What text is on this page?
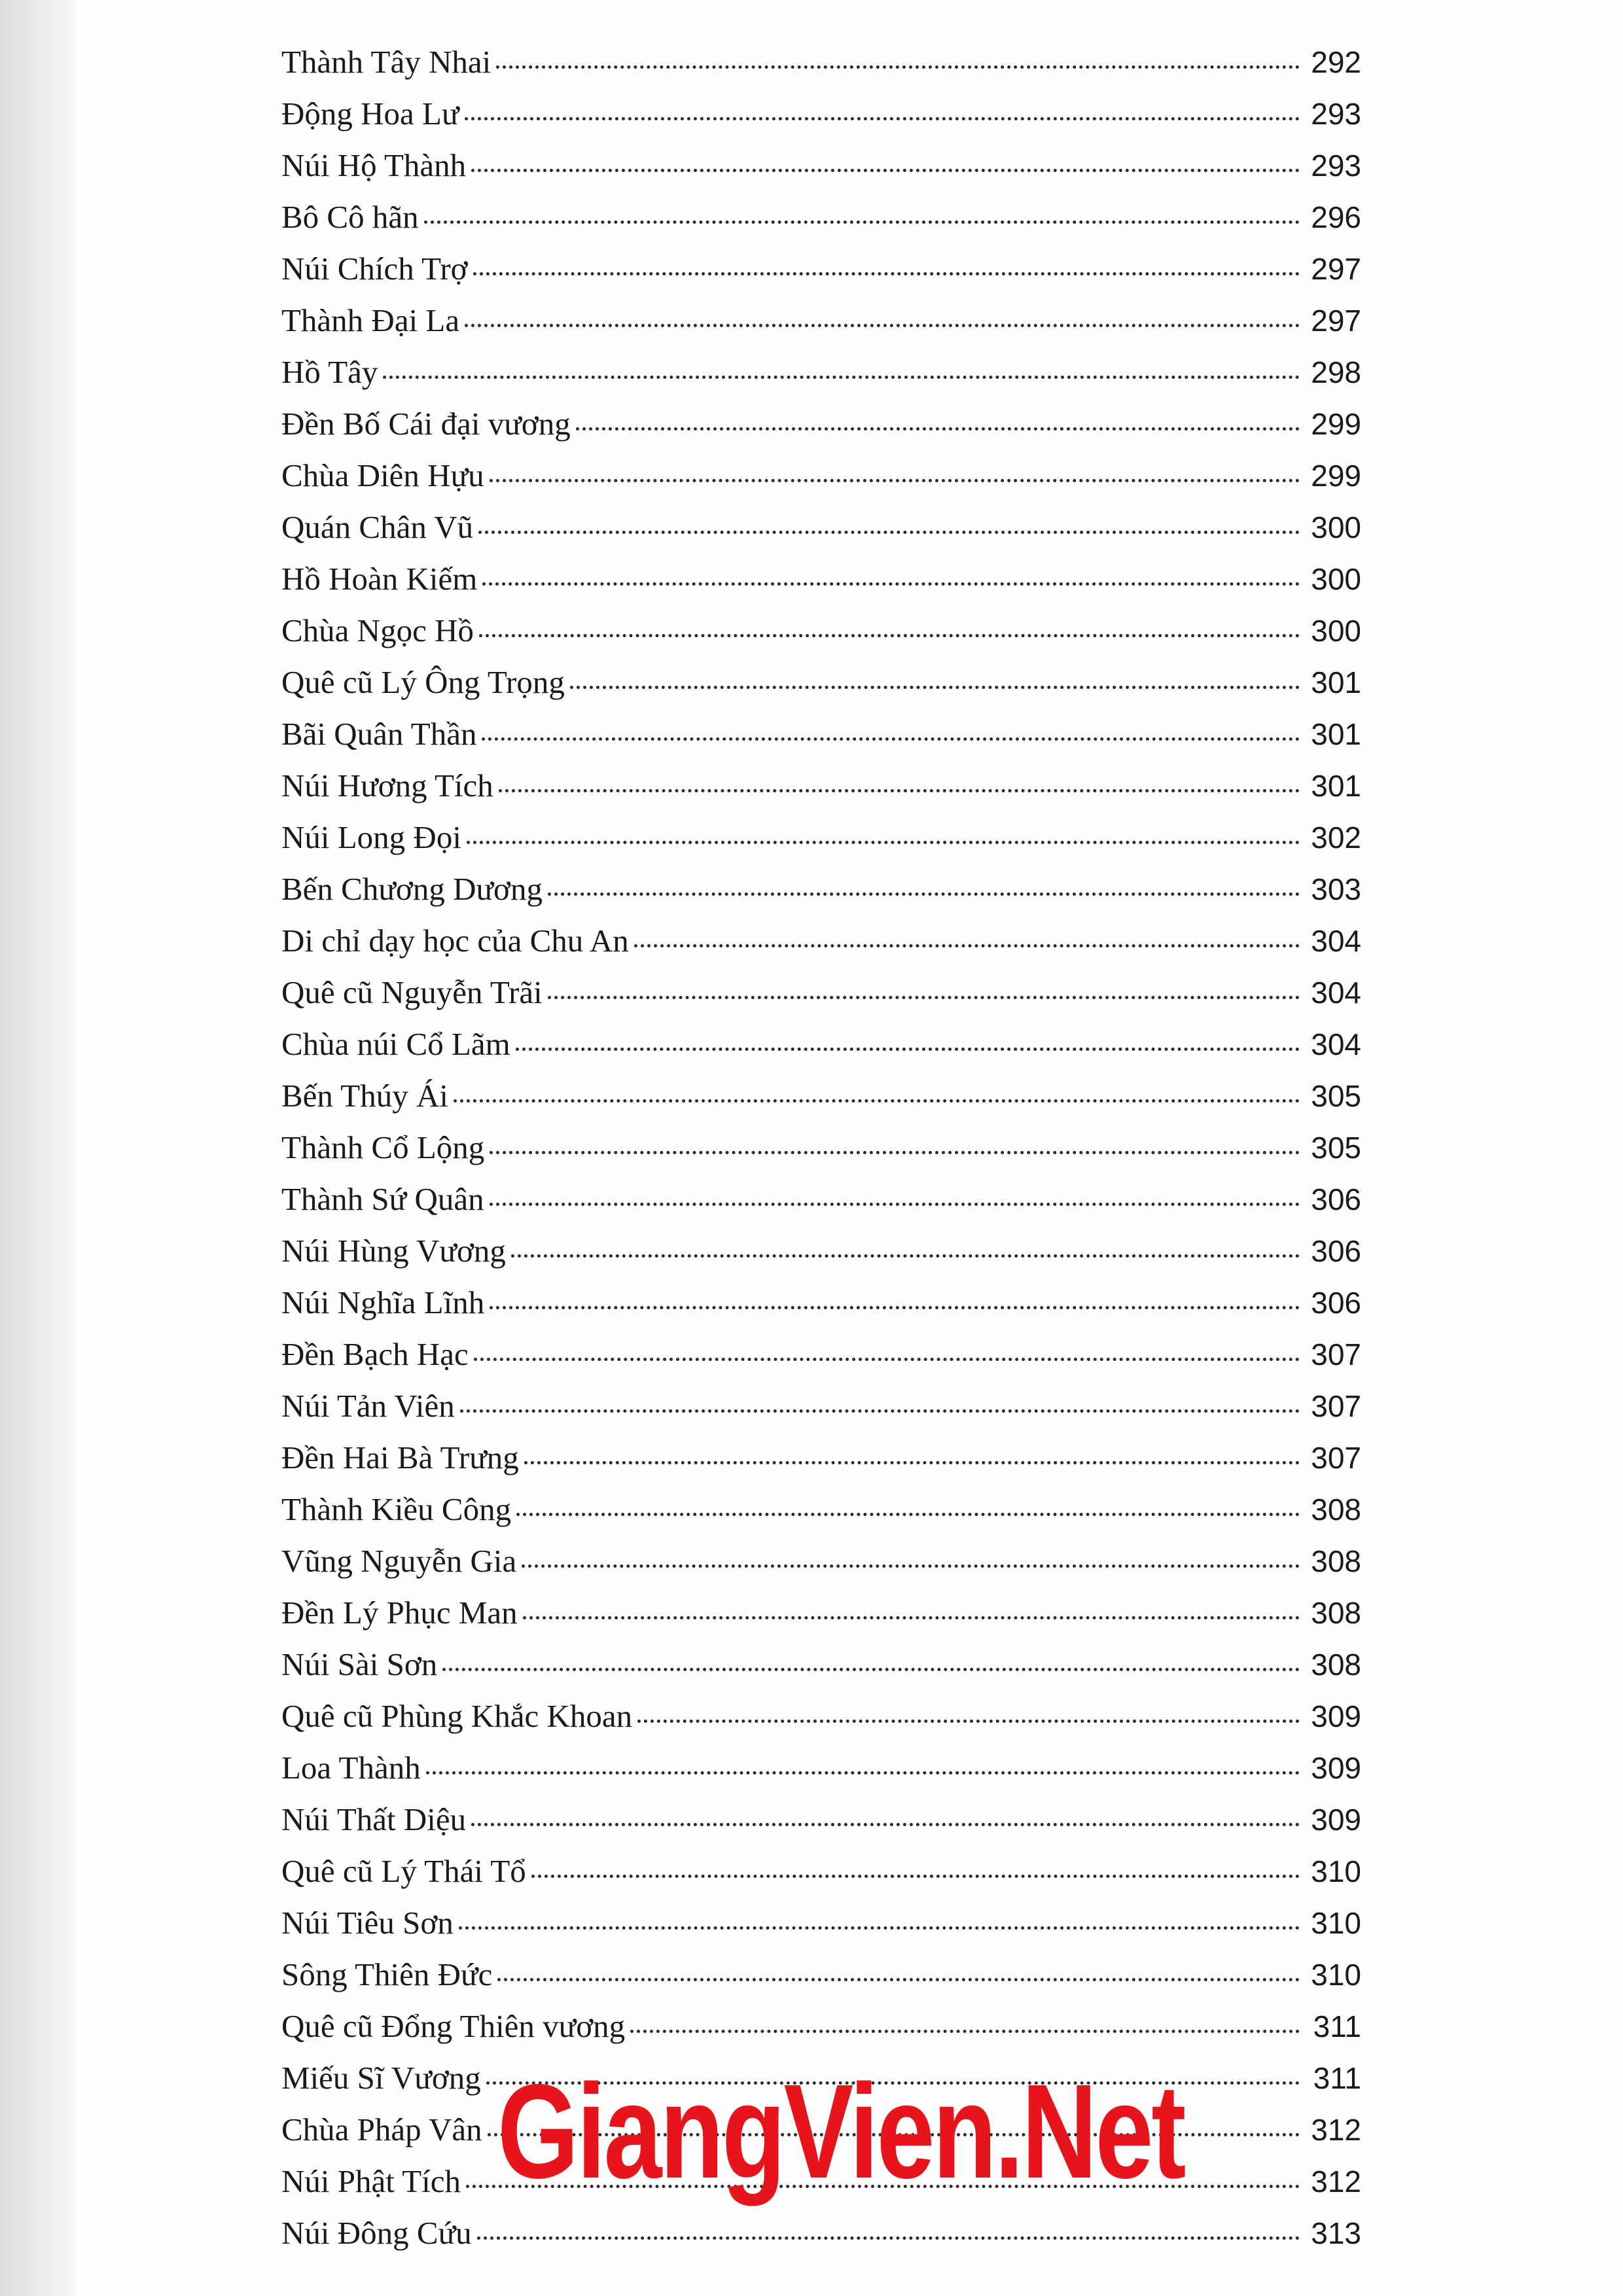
Thành Tây Nhai	292
Động Hoa Lư	293
Núi Hộ Thành	293
Bô Cô hãn	296
Núi Chích Trợ	297
Thành Đại La	297
Hồ Tây	298
Đền Bố Cái đại vương	299
Chùa Diên Hựu	299
Quán Chân Vũ	300
Hồ Hoàn Kiếm	300
Chùa Ngọc Hồ	300
Quê cũ Lý Ông Trọng	301
Bãi Quân Thần	301
Núi Hương Tích	301
Núi Long Đọi	302
Bến Chương Dương	303
Di chỉ dạy học của Chu An	304
Quê cũ Nguyễn Trãi	304
Chùa núi Cổ Lãm	304
Bến Thúy Ái	305
Thành Cổ Lộng	305
Thành Sứ Quân	306
Núi Hùng Vương	306
Núi Nghĩa Lĩnh	306
Đền Bạch Hạc	307
Núi Tản Viên	307
Đền Hai Bà Trưng	307
Thành Kiều Công	308
Vũng Nguyễn Gia	308
Đền Lý Phục Man	308
Núi Sài Sơn	308
Quê cũ Phùng Khắc Khoan	309
Loa Thành	309
Núi Thất Diệu	309
Quê cũ Lý Thái Tổ	310
Núi Tiêu Sơn	310
Sông Thiên Đức	310
Quê cũ Đổng Thiên vương	311
Miếu Sĩ Vương	311
Chùa Pháp Vân	312
Núi Phật Tích	312
Núi Đông Cứu	313
GiangVien.Net
